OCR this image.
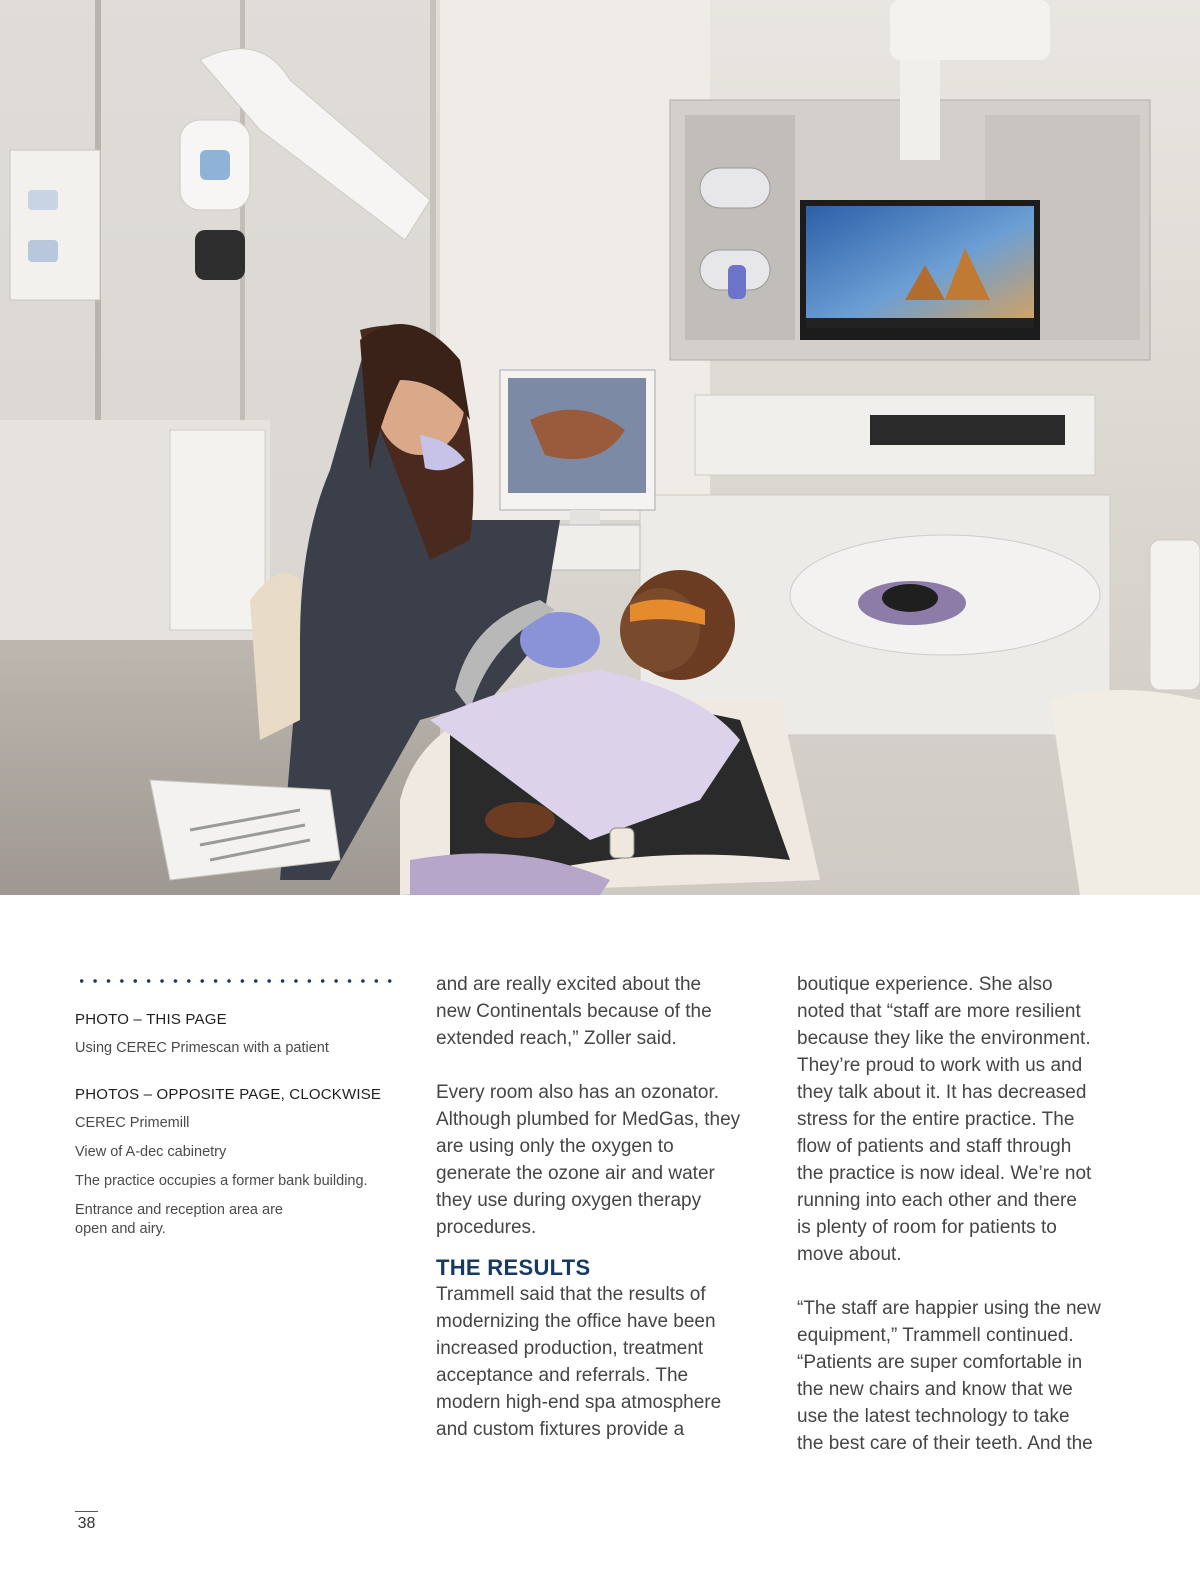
PHOTO – THIS PAGE
Using CEREC Primescan with a patient
PHOTOS – OPPOSITE PAGE, CLOCKWISE
CEREC Primemill
View of A-dec cabinetry
The practice occupies a former bank building.
Entrance and reception area are
open and airy.

and are really excited about the

new Continentals because of the

extended reach,” Zoller said.

Every room also has an ozonator.

Although plumbed for MedGas, they

are using only the oxygen to

generate the ozone air and water

they use during oxygen therapy

procedures.

THE RESULTS

Trammell said that the results of

modernizing the office have been

increased production, treatment

acceptance and referrals. The

modern high-end spa atmosphere

and custom fixtures provide a

boutique experience. She also

noted that “staff are more resilient

because they like the environment.

They’re proud to work with us and

they talk about it. It has decreased

stress for the entire practice. The

flow of patients and staff through

the practice is now ideal. We’re not

running into each other and there

is plenty of room for patients to

move about.

“The staff are happier using the new

equipment,” Trammell continued.

“Patients are super comfortable in

the new chairs and know that we

use the latest technology to take

the best care of their teeth. And the

38
